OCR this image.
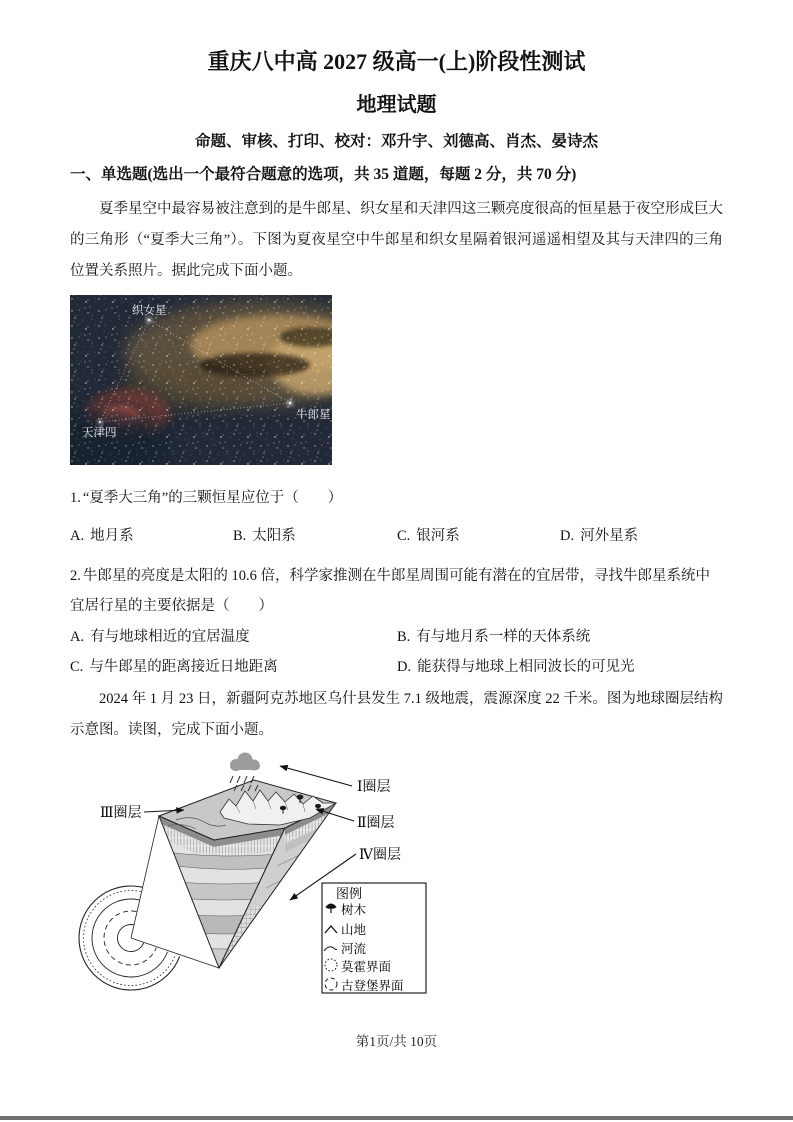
重庆八中高 2027 级高一(上)阶段性测试
地理试题
命题、审核、打印、校对：邓升宇、刘德高、肖杰、晏诗杰
一、单选题(选出一个最符合题意的选项，共 35 道题，每题 2 分，共 70 分)

夏季星空中最容易被注意到的是牛郎星、织女星和天津四这三颗亮度很高的恒星悬于夜空形成巨大的三角形（“夏季大三角”）。下图为夏夜星空中牛郎星和织女星隔着银河遥遥相望及其与天津四的三角位置关系照片。据此完成下面小题。

织女星
天津四
牛郎星

1. “夏季大三角”的三颗恒星应位于（　　）

A. 地月系	B. 太阳系	C. 银河系	D. 河外星系

2. 牛郎星的亮度是太阳的 10.6 倍，科学家推测在牛郎星周围可能有潜在的宜居带，寻找牛郎星系统中宜居行星的主要依据是（　　）

A. 有与地球相近的宜居温度	B. 有与地月系一样的天体系统
C. 与牛郎星的距离接近日地距离	D. 能获得与地球上相同波长的可见光

2024 年 1 月 23 日，新疆阿克苏地区乌什县发生 7.1 级地震，震源深度 22 千米。图为地球圈层结构示意图。读图，完成下面小题。

Ⅰ圈层
Ⅲ圈层
Ⅱ圈层
Ⅳ圈层
图例
树木
山地
河流
莫霍界面
古登堡界面
第1页/共 10页
